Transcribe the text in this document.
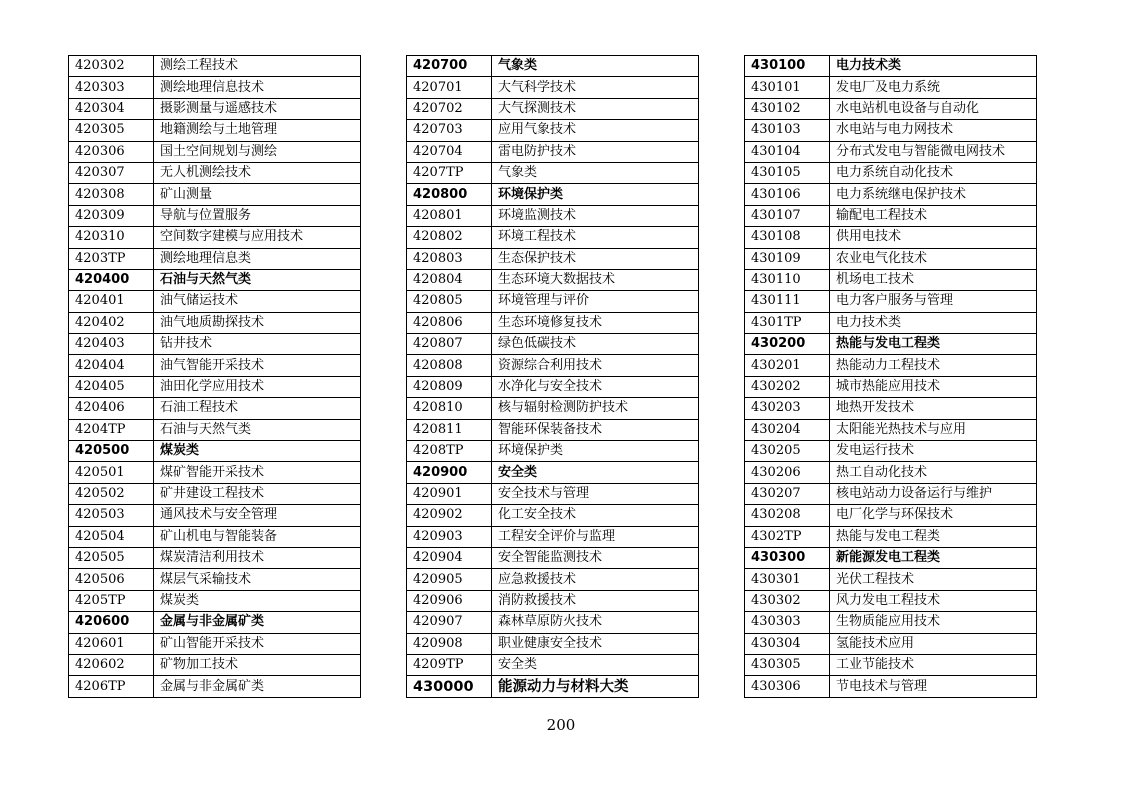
420302	测绘工程技术
420303	测绘地理信息技术
420304	摄影测量与遥感技术
420305	地籍测绘与土地管理
420306	国土空间规划与测绘
420307	无人机测绘技术
420308	矿山测量
420309	导航与位置服务
420310	空间数字建模与应用技术
4203TP	测绘地理信息类
420400	石油与天然气类
420401	油气储运技术
420402	油气地质勘探技术
420403	钻井技术
420404	油气智能开采技术
420405	油田化学应用技术
420406	石油工程技术
4204TP	石油与天然气类
420500	煤炭类
420501	煤矿智能开采技术
420502	矿井建设工程技术
420503	通风技术与安全管理
420504	矿山机电与智能装备
420505	煤炭清洁利用技术
420506	煤层气采输技术
4205TP	煤炭类
420600	金属与非金属矿类
420601	矿山智能开采技术
420602	矿物加工技术
4206TP	金属与非金属矿类
420700	气象类
420701	大气科学技术
420702	大气探测技术
420703	应用气象技术
420704	雷电防护技术
4207TP	气象类
420800	环境保护类
420801	环境监测技术
420802	环境工程技术
420803	生态保护技术
420804	生态环境大数据技术
420805	环境管理与评价
420806	生态环境修复技术
420807	绿色低碳技术
420808	资源综合利用技术
420809	水净化与安全技术
420810	核与辐射检测防护技术
420811	智能环保装备技术
4208TP	环境保护类
420900	安全类
420901	安全技术与管理
420902	化工安全技术
420903	工程安全评价与监理
420904	安全智能监测技术
420905	应急救援技术
420906	消防救援技术
420907	森林草原防火技术
420908	职业健康安全技术
4209TP	安全类
430000	能源动力与材料大类
430100	电力技术类
430101	发电厂及电力系统
430102	水电站机电设备与自动化
430103	水电站与电力网技术
430104	分布式发电与智能微电网技术
430105	电力系统自动化技术
430106	电力系统继电保护技术
430107	输配电工程技术
430108	供用电技术
430109	农业电气化技术
430110	机场电工技术
430111	电力客户服务与管理
4301TP	电力技术类
430200	热能与发电工程类
430201	热能动力工程技术
430202	城市热能应用技术
430203	地热开发技术
430204	太阳能光热技术与应用
430205	发电运行技术
430206	热工自动化技术
430207	核电站动力设备运行与维护
430208	电厂化学与环保技术
4302TP	热能与发电工程类
430300	新能源发电工程类
430301	光伏工程技术
430302	风力发电工程技术
430303	生物质能应用技术
430304	氢能技术应用
430305	工业节能技术
430306	节电技术与管理
200
